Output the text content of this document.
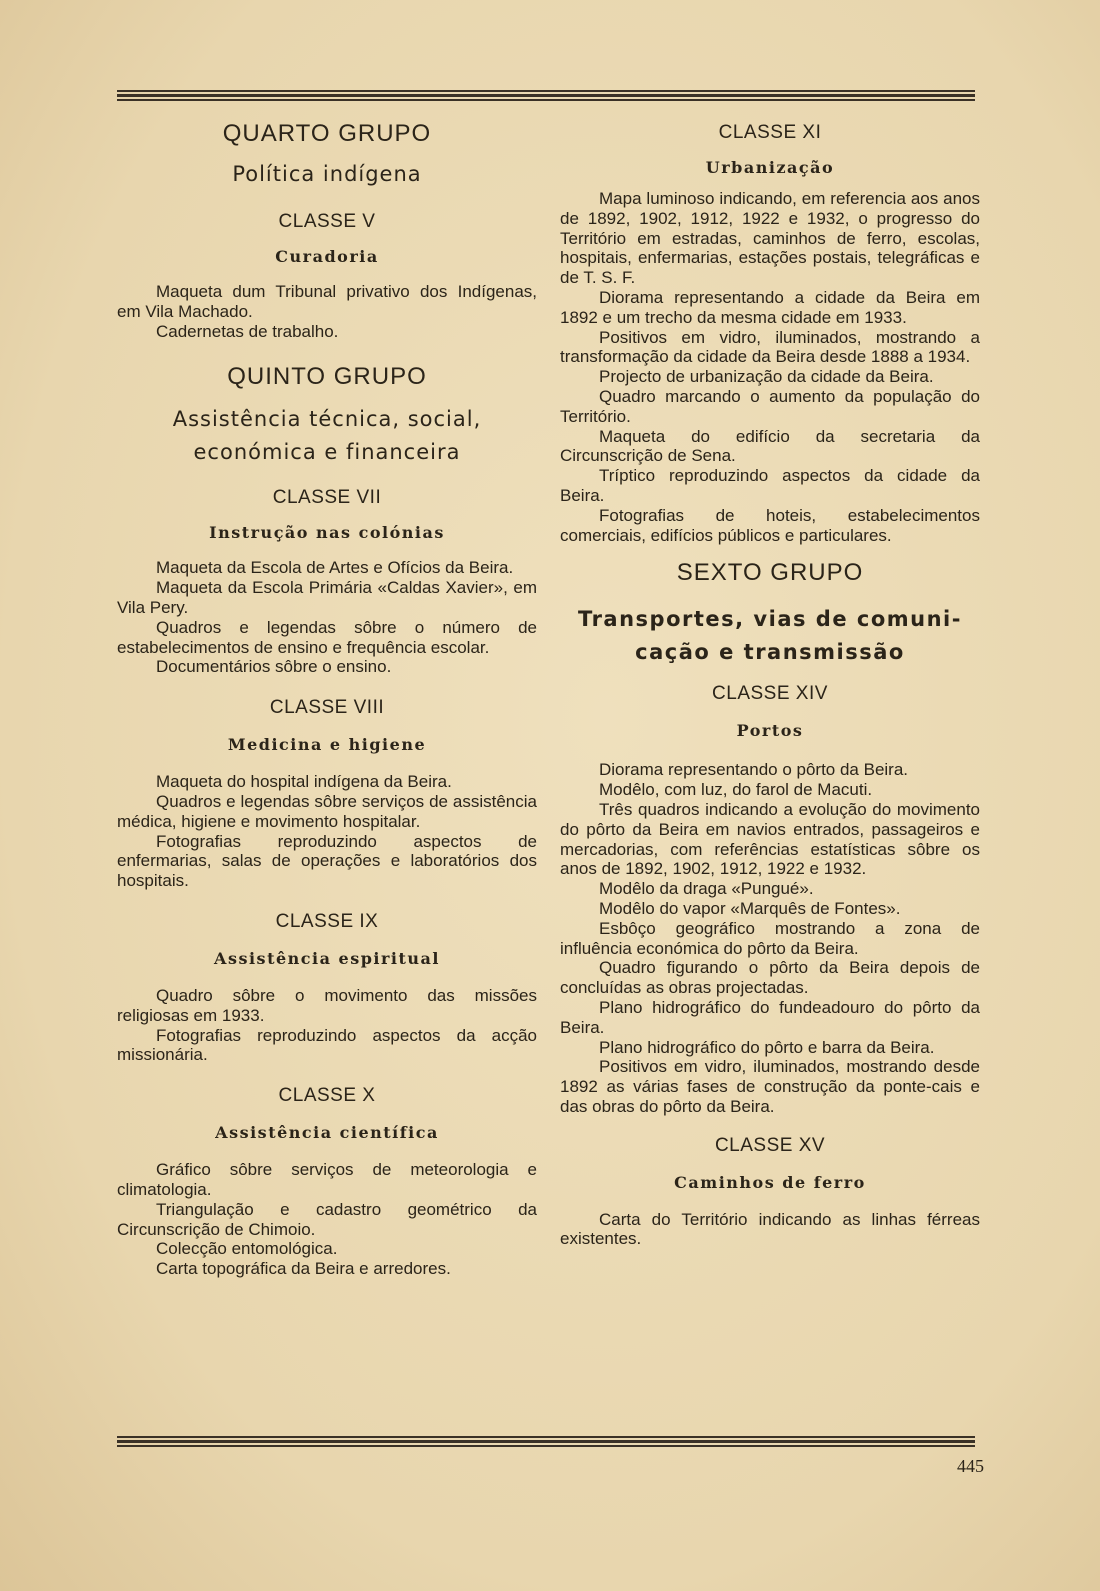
QUARTO GRUPO

Política indígena

CLASSE V
Curadoria
Maqueta dum Tribunal privativo dos Indígenas, em Vila Machado.
Cadernetas de trabalho.
QUINTO GRUPO

Assistência técnica, social,

económica e financeira

CLASSE VII
Instrução nas colónias
Maqueta da Escola de Artes e Ofícios da Beira.
Maqueta da Escola Primária «Caldas Xavier», em Vila Pery.
Quadros e legendas sôbre o número de estabelecimentos de ensino e frequência escolar.
Documentários sôbre o ensino.
CLASSE VIII
Medicina e higiene
Maqueta do hospital indígena da Beira.
Quadros e legendas sôbre serviços de assistência médica, higiene e movimento hospitalar.
Fotografias reproduzindo aspectos de enfermarias, salas de operações e laboratórios dos hospitais.
CLASSE IX
Assistência espiritual
Quadro sôbre o movimento das missões religiosas em 1933.
Fotografias reproduzindo aspectos da acção missionária.
CLASSE X
Assistência científica
Gráfico sôbre serviços de meteorologia e climatologia.
Triangulação e cadastro geométrico da Circunscrição de Chimoio.
Colecção entomológica.
Carta topográfica da Beira e arredores.
CLASSE XI
Urbanização
Mapa luminoso indicando, em referencia aos anos de 1892, 1902, 1912, 1922 e 1932, o progresso do Território em estradas, caminhos de ferro, escolas, hospitais, enfermarias, estações postais, telegráficas e de T. S. F.
Diorama representando a cidade da Beira em 1892 e um trecho da mesma cidade em 1933.
Positivos em vidro, iluminados, mostrando a transformação da cidade da Beira desde 1888 a 1934.
Projecto de urbanização da cidade da Beira.
Quadro marcando o aumento da população do Território.
Maqueta do edifício da secretaria da Circunscrição de Sena.
Tríptico reproduzindo aspectos da cidade da Beira.
Fotografias de hoteis, estabelecimentos comerciais, edifícios públicos e particulares.
SEXTO GRUPO

Transportes, vias de comuni-

cação e transmissão

CLASSE XIV
Portos
Diorama representando o pôrto da Beira.
Modêlo, com luz, do farol de Macuti.
Três quadros indicando a evolução do movimento do pôrto da Beira em navios entrados, passageiros e mercadorias, com referências estatísticas sôbre os anos de 1892, 1902, 1912, 1922 e 1932.
Modêlo da draga «Pungué».
Modêlo do vapor «Marquês de Fontes».
Esbôço geográfico mostrando a zona de influência económica do pôrto da Beira.
Quadro figurando o pôrto da Beira depois de concluídas as obras projectadas.
Plano hidrográfico do fundeadouro do pôrto da Beira.
Plano hidrográfico do pôrto e barra da Beira.
Positivos em vidro, iluminados, mostrando desde 1892 as várias fases de construção da ponte-cais e das obras do pôrto da Beira.
CLASSE XV
Caminhos de ferro
Carta do Território indicando as linhas férreas existentes.
445
